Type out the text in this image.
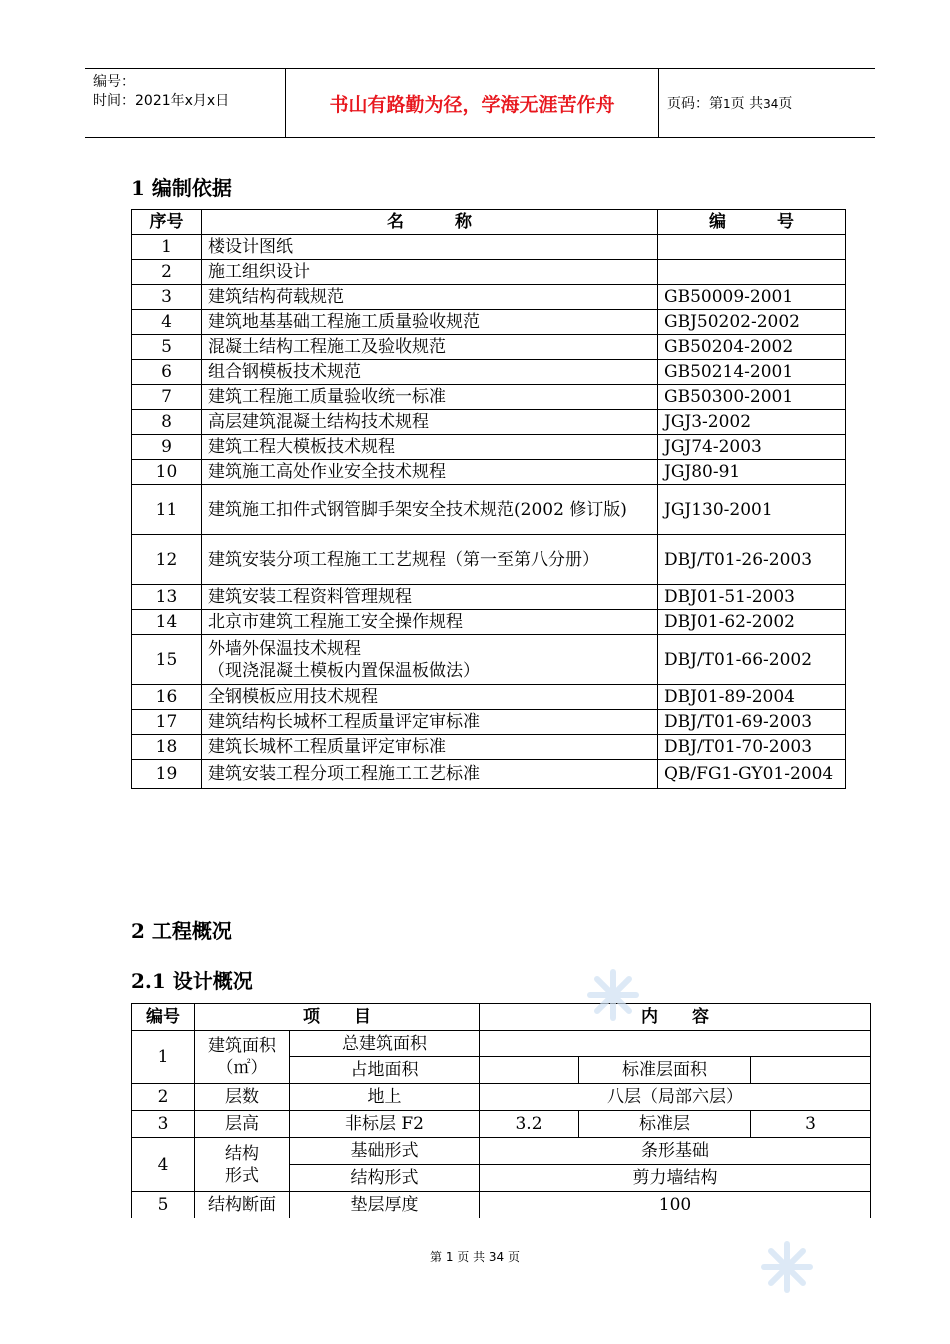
编号：
时间：2021年x月x日	书山有路勤为径，学海无涯苦作舟	页码：第1页 共34页
1 编制依据
序号	名　　　称	编　　　号
1	楼设计图纸	
2	施工组织设计	
3	建筑结构荷载规范	GB50009-2001
4	建筑地基基础工程施工质量验收规范	GBJ50202-2002
5	混凝土结构工程施工及验收规范	GB50204-2002
6	组合钢模板技术规范	GB50214-2001
7	建筑工程施工质量验收统一标准	GB50300-2001
8	高层建筑混凝土结构技术规程	JGJ3-2002
9	建筑工程大模板技术规程	JGJ74-2003
10	建筑施工高处作业安全技术规程	JGJ80-91
11	建筑施工扣件式钢管脚手架安全技术规范(2002 修订版)	JGJ130-2001
12	建筑安装分项工程施工工艺规程（第一至第八分册）	DBJ/T01-26-2003
13	建筑安装工程资料管理规程	DBJ01-51-2003
14	北京市建筑工程施工安全操作规程	DBJ01-62-2002
15	外墙外保温技术规程
（现浇混凝土模板内置保温板做法）	DBJ/T01-66-2002
16	全钢模板应用技术规程	DBJ01-89-2004
17	建筑结构长城杯工程质量评定审标准	DBJ/T01-69-2003
18	建筑长城杯工程质量评定审标准	DBJ/T01-70-2003
19	建筑安装工程分项工程施工工艺标准	QB/FG1-GY01-2004
2 工程概况
2.1 设计概况
编号	项　　目		内　　容		
1	建筑面积（㎡）	总建筑面积			
		占地面积		标准层面积	
2	层数	地上	八层（局部六层）		
3	层高	非标层 F2	3.2	标准层	3
4	结构
形式	基础形式	条形基础		
		结构形式	剪力墙结构		
5	结构断面	垫层厚度	100		
第 1 页 共 34 页
